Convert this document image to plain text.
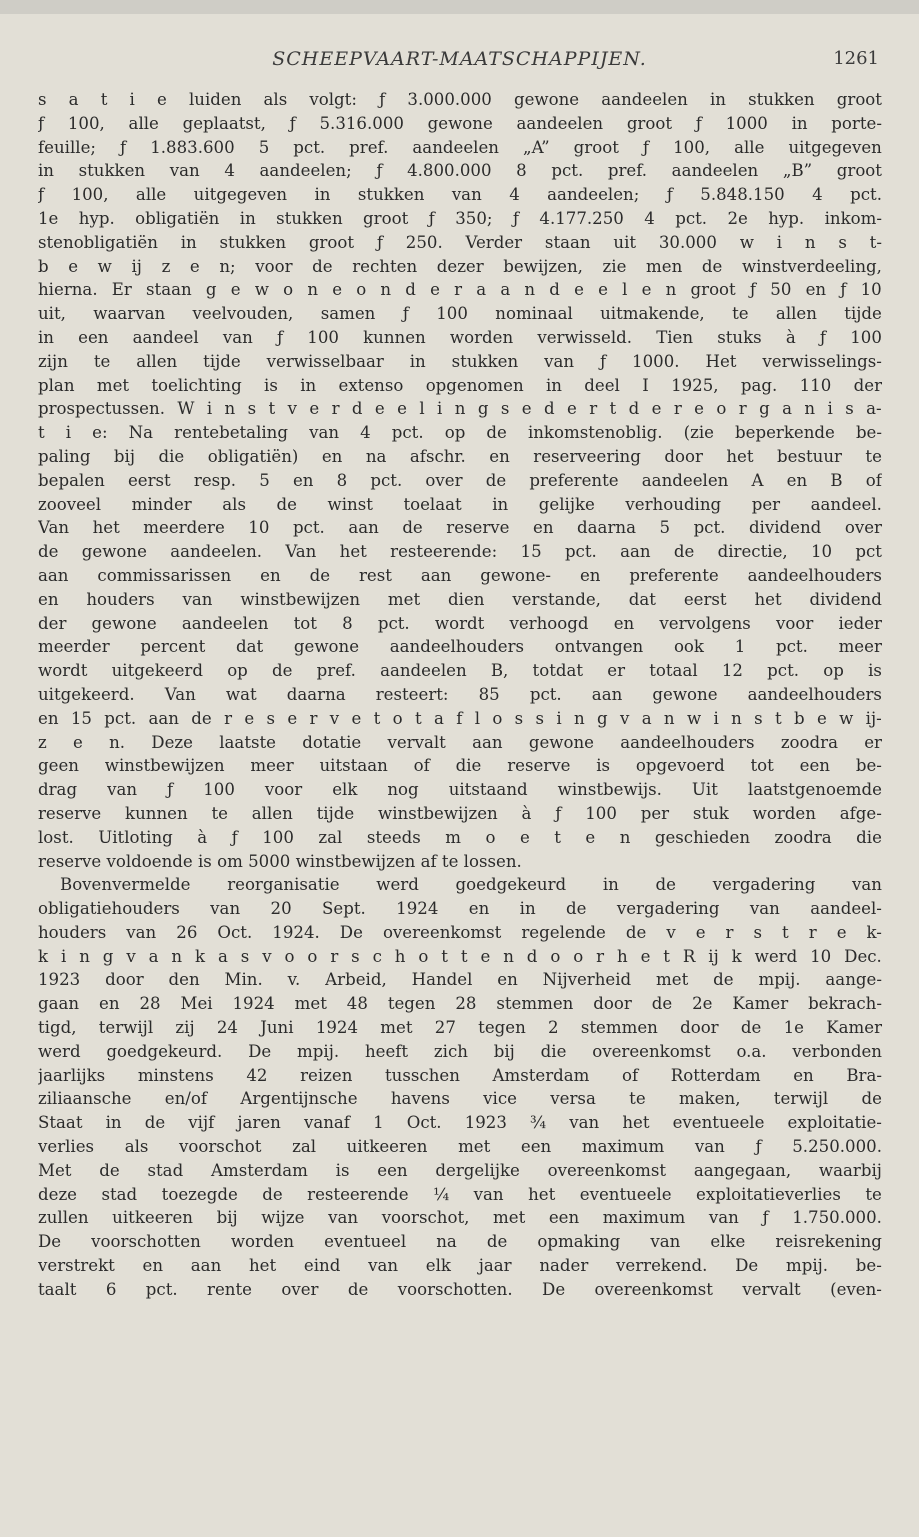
SCHEEPVAART-MAATSCHAPPIJEN.	1261
s a t i e luiden als volgt: ƒ 3.000.000 gewone aandeelen in stukken groot
ƒ 100, alle geplaatst, ƒ 5.316.000 gewone aandeelen groot ƒ 1000 in porte-
feuille; ƒ 1.883.600 5 pct. pref. aandeelen „A” groot ƒ 100, alle uitgegeven
in stukken van 4 aandeelen; ƒ 4.800.000 8 pct. pref. aandeelen „B” groot
ƒ 100, alle uitgegeven in stukken van 4 aandeelen; ƒ 5.848.150 4 pct.
1e hyp. obligatiën in stukken groot ƒ 350; ƒ 4.177.250 4 pct. 2e hyp. inkom-
stenobligatiën in stukken groot ƒ 250. Verder staan uit 30.000 w i n s t-
b e w ij z e n; voor de rechten dezer bewijzen, zie men de winstverdeeling,
hierna. Er staan g e w o n e o n d e r a a n d e e l e n groot ƒ 50 en ƒ 10
uit, waarvan veelvouden, samen ƒ 100 nominaal uitmakende, te allen tijde
in een aandeel van ƒ 100 kunnen worden verwisseld. Tien stuks à ƒ 100
zijn te allen tijde verwisselbaar in stukken van ƒ 1000. Het verwisselings-
plan met toelichting is in extenso opgenomen in deel I 1925, pag. 110 der
prospectussen. W i n s t v e r d e e l i n g s e d e r t d e r e o r g a n i s a-
t i e: Na rentebetaling van 4 pct. op de inkomstenoblig. (zie beperkende be-
paling bij die obligatiën) en na afschr. en reserveering door het bestuur te
bepalen eerst resp. 5 en 8 pct. over de preferente aandeelen A en B of
zooveel minder als de winst toelaat in gelijke verhouding per aandeel.
Van het meerdere 10 pct. aan de reserve en daarna 5 pct. dividend over
de gewone aandeelen. Van het resteerende: 15 pct. aan de directie, 10 pct
aan commissarissen en de rest aan gewone- en preferente aandeelhouders
en houders van winstbewijzen met dien verstande, dat eerst het dividend
der gewone aandeelen tot 8 pct. wordt verhoogd en vervolgens voor ieder
meerder percent dat gewone aandeelhouders ontvangen ook 1 pct. meer
wordt uitgekeerd op de pref. aandeelen B, totdat er totaal 12 pct. op is
uitgekeerd. Van wat daarna resteert: 85 pct. aan gewone aandeelhouders
en 15 pct. aan de r e s e r v e t o t a f l o s s i n g v a n w i n s t b e w ij-
z e n. Deze laatste dotatie vervalt aan gewone aandeelhouders zoodra er
geen winstbewijzen meer uitstaan of die reserve is opgevoerd tot een be-
drag van ƒ 100 voor elk nog uitstaand winstbewijs. Uit laatstgenoemde
reserve kunnen te allen tijde winstbewijzen à ƒ 100 per stuk worden afge-
lost. Uitloting à ƒ 100 zal steeds m o e t e n geschieden zoodra die
reserve voldoende is om 5000 winstbewijzen af te lossen.
Bovenvermelde reorganisatie werd goedgekeurd in de vergadering van
obligatiehouders van 20 Sept. 1924 en in de vergadering van aandeel-
houders van 26 Oct. 1924. De overeenkomst regelende de v e r s t r e k-
k i n g v a n k a s v o o r s c h o t t e n d o o r h e t R ij k werd 10 Dec.
1923 door den Min. v. Arbeid, Handel en Nijverheid met de mpij. aange-
gaan en 28 Mei 1924 met 48 tegen 28 stemmen door de 2e Kamer bekrach-
tigd, terwijl zij 24 Juni 1924 met 27 tegen 2 stemmen door de 1e Kamer
werd goedgekeurd. De mpij. heeft zich bij die overeenkomst o.a. verbonden
jaarlijks minstens 42 reizen tusschen Amsterdam of Rotterdam en Bra-
ziliaansche en/of Argentijnsche havens vice versa te maken, terwijl de
Staat in de vijf jaren vanaf 1 Oct. 1923 ¾ van het eventueele exploitatie-
verlies als voorschot zal uitkeeren met een maximum van ƒ 5.250.000.
Met de stad Amsterdam is een dergelijke overeenkomst aangegaan, waarbij
deze stad toezegde de resteerende ¼ van het eventueele exploitatieverlies te
zullen uitkeeren bij wijze van voorschot, met een maximum van ƒ 1.750.000.
De voorschotten worden eventueel na de opmaking van elke reisrekening
verstrekt en aan het eind van elk jaar nader verrekend. De mpij. be-
taalt 6 pct. rente over de voorschotten. De overeenkomst vervalt (even-
